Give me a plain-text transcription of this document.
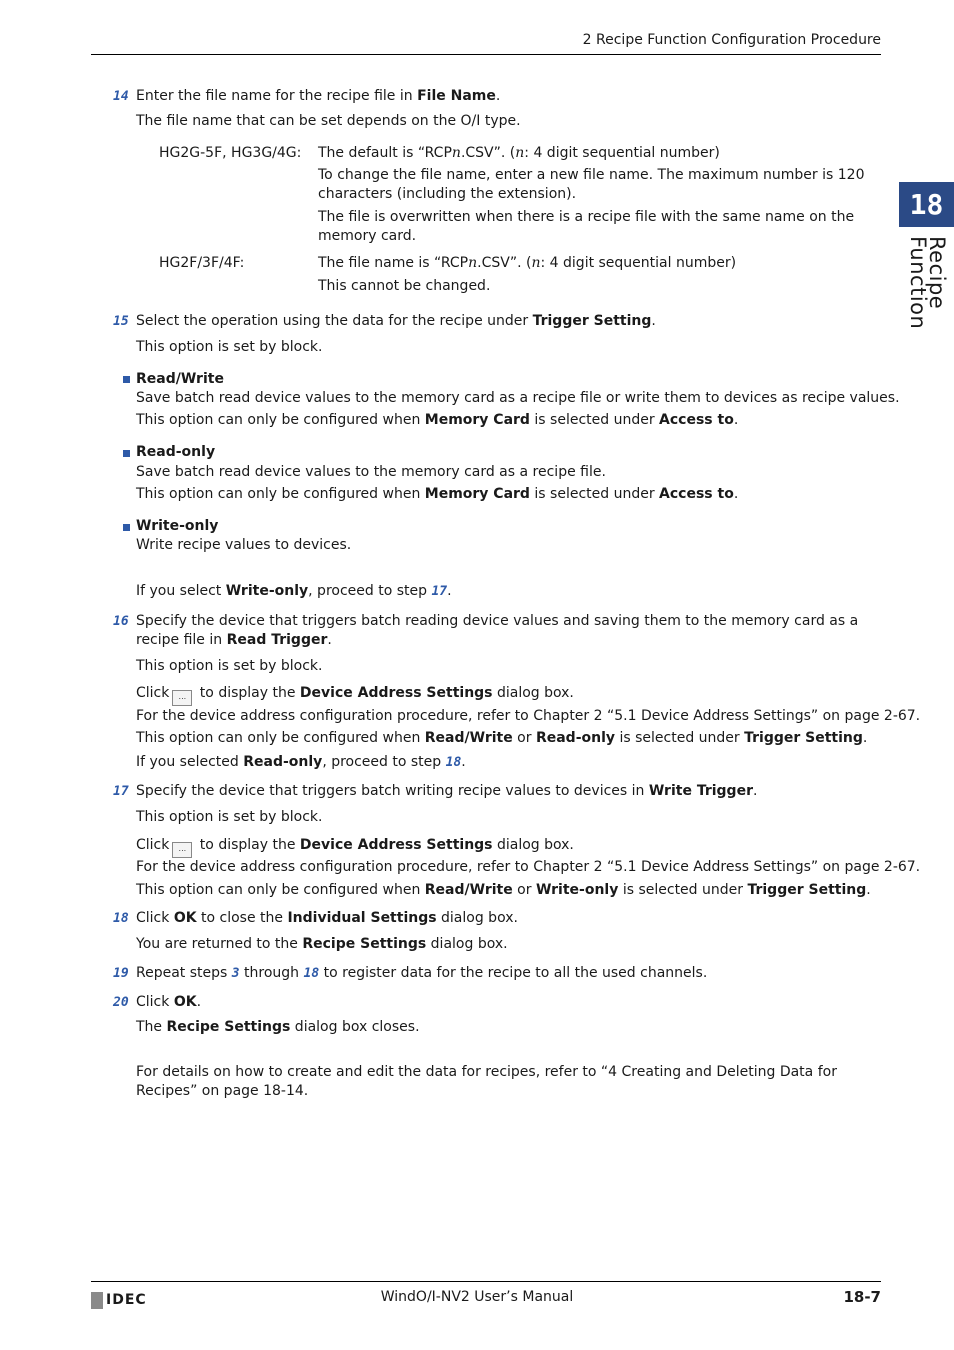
2 Recipe Function Configuration Procedure
18
Recipe Function
14 Enter the file name for the recipe file in File Name.
The file name that can be set depends on the O/I type.
HG2G-5F, HG3G/4G: The default is “RCPn.CSV”. (n: 4 digit sequential number)
To change the file name, enter a new file name. The maximum number is 120 characters (including the extension).
The file is overwritten when there is a recipe file with the same name on the memory card.
HG2F/3F/4F:	The file name is “RCPn.CSV”. (n: 4 digit sequential number)
This cannot be changed.
15 Select the operation using the data for the recipe under Trigger Setting.
This option is set by block.
Read/Write
Save batch read device values to the memory card as a recipe file or write them to devices as recipe values.
This option can only be configured when Memory Card is selected under Access to.
Read-only
Save batch read device values to the memory card as a recipe file.
This option can only be configured when Memory Card is selected under Access to.
Write-only
Write recipe values to devices.
If you select Write-only, proceed to step 17.
16 Specify the device that triggers batch reading device values and saving them to the memory card as a recipe file in Read Trigger.
This option is set by block.
Click ... to display the Device Address Settings dialog box.
For the device address configuration procedure, refer to Chapter 2 “5.1 Device Address Settings” on page 2-67.
This option can only be configured when Read/Write or Read-only is selected under Trigger Setting.
If you selected Read-only, proceed to step 18.
17 Specify the device that triggers batch writing recipe values to devices in Write Trigger.
This option is set by block.
Click ... to display the Device Address Settings dialog box.
For the device address configuration procedure, refer to Chapter 2 “5.1 Device Address Settings” on page 2-67.
This option can only be configured when Read/Write or Write-only is selected under Trigger Setting.
18 Click OK to close the Individual Settings dialog box.
You are returned to the Recipe Settings dialog box.
19 Repeat steps 3 through 18 to register data for the recipe to all the used channels.
20 Click OK.
The Recipe Settings dialog box closes.
For details on how to create and edit the data for recipes, refer to “4 Creating and Deleting Data for Recipes” on page 18-14.
IDEC	WindO/I-NV2 User’s Manual	18-7
